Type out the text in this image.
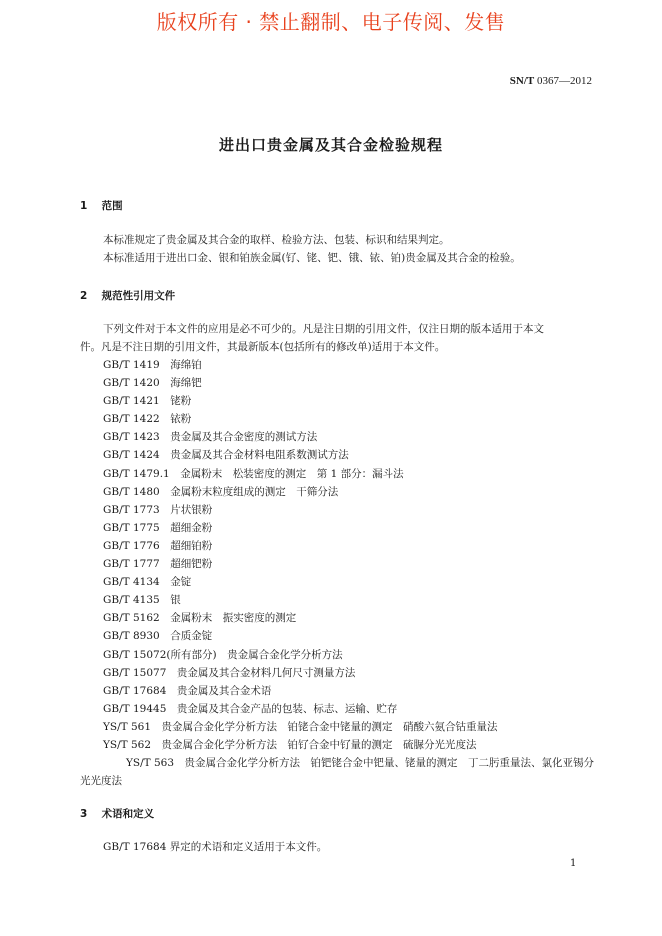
版权所有 · 禁止翻制、电子传阅、发售
SN/T 0367—2012
进出口贵金属及其合金检验规程
1 范围
本标准规定了贵金属及其合金的取样、检验方法、包装、标识和结果判定。
本标准适用于进出口金、银和铂族金属(钌、铑、钯、锇、铱、铂)贵金属及其合金的检验。
2 规范性引用文件
下列文件对于本文件的应用是必不可少的。凡是注日期的引用文件，仅注日期的版本适用于本文
件。凡是不注日期的引用文件，其最新版本(包括所有的修改单)适用于本文件。
GB/T 1419　 海绵铂
GB/T 1420　 海绵钯
GB/T 1421　 铑粉
GB/T 1422　 铱粉
GB/T 1423　 贵金属及其合金密度的测试方法
GB/T 1424　 贵金属及其合金材料电阻系数测试方法
GB/T 1479.1　 金属粉末　松装密度的测定　第 1 部分：漏斗法
GB/T 1480　 金属粉末粒度组成的测定　干筛分法
GB/T 1773　 片状银粉
GB/T 1775　 超细金粉
GB/T 1776　 超细铂粉
GB/T 1777　 超细钯粉
GB/T 4134　 金锭
GB/T 4135　 银
GB/T 5162　 金属粉末　振实密度的测定
GB/T 8930　 合质金锭
GB/T 15072(所有部分)　 贵金属合金化学分析方法
GB/T 15077　 贵金属及其合金材料几何尺寸测量方法
GB/T 17684　 贵金属及其合金术语
GB/T 19445　 贵金属及其合金产品的包装、标志、运输、贮存
YS/T 561　 贵金属合金化学分析方法　铂铑合金中铑量的测定　硝酸六氨合钴重量法
YS/T 562　 贵金属合金化学分析方法　铂钌合金中钌量的测定　硫脲分光光度法
YS/T 563　 贵金属合金化学分析方法　铂钯铑合金中钯量、铑量的测定　丁二肟重量法、氯化亚锡分光光度法
3 术语和定义
GB/T 17684 界定的术语和定义适用于本文件。
1
